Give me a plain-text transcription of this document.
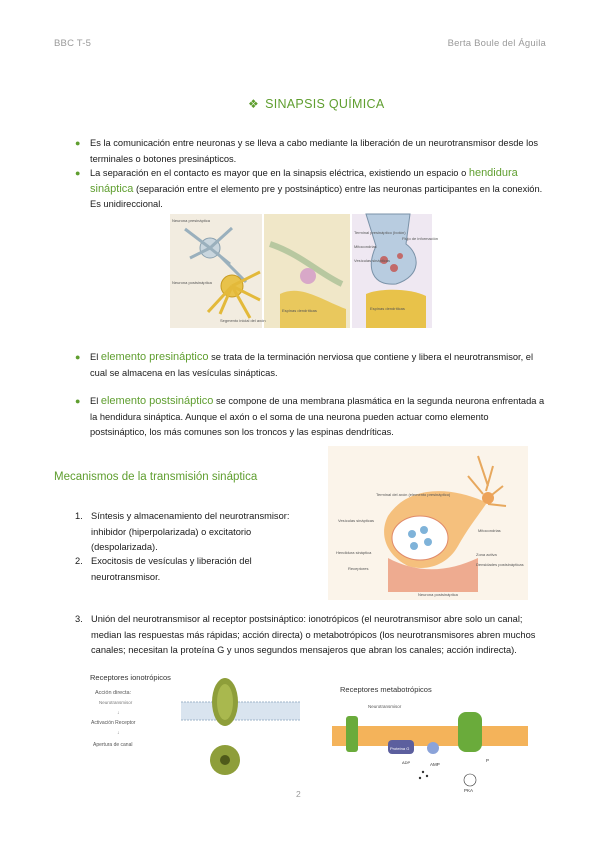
BBC T-5	Berta Boule del Águila
❖ SINAPSIS QUÍMICA
● Es la comunicación entre neuronas y se lleva a cabo mediante la liberación de un neurotransmisor desde los terminales o botones presinápticos.
● La separación en el contacto es mayor que en la sinapsis eléctrica, existiendo un espacio o hendidura sináptica (separación entre el elemento pre y postsináptico) entre las neuronas participantes en la conexión. Es unidireccional.
Neurona presináptica
Neurona postsináptica
Segmento inicial del axón
Espinas dendríticas
Terminal presináptico (botón)
Mitocondrias
Vesículas sinápticas
Flujo de información
Espinas dendríticas
● El elemento presináptico se trata de la terminación nerviosa que contiene y libera el neurotransmisor, el cual se almacena en las vesículas sinápticas.
● El elemento postsináptico se compone de una membrana plasmática en la segunda neurona enfrentada a la hendidura sináptica. Aunque el axón o el soma de una neurona pueden actuar como elemento postsináptico, los más comunes son los troncos y las espinas dendríticas.
Mecanismos de la transmisión sináptica
1. Síntesis y almacenamiento del neurotransmisor: inhibidor (hiperpolarizada) o excitatorio (despolarizada).
2. Exocitosis de vesículas y liberación del neurotransmisor.
Terminal del axón (elemento presináptico)
Vesículas sinápticas
Hendidura sináptica
Receptores
Mitocondrias
Zona activa
Densidades postsinápticas
Neurona postsináptica
3. Unión del neurotransmisor al receptor postsináptico: ionotrópicos (el neurotransmisor abre solo un canal; median las respuestas más rápidas; acción directa) o metabotrópicos (los neurotransmisores abren muchos canales; necesitan la proteína G y unos segundos mensajeros que abran los canales; acción indirecta).
Receptores ionotrópicos
Acción directa:
Neurotransmisor
↓
Activación Receptor
↓
Apertura de canal
Receptores metabotrópicos
Neurotransmisor
Proteína G
ADP	AMP
PKA
P
2
